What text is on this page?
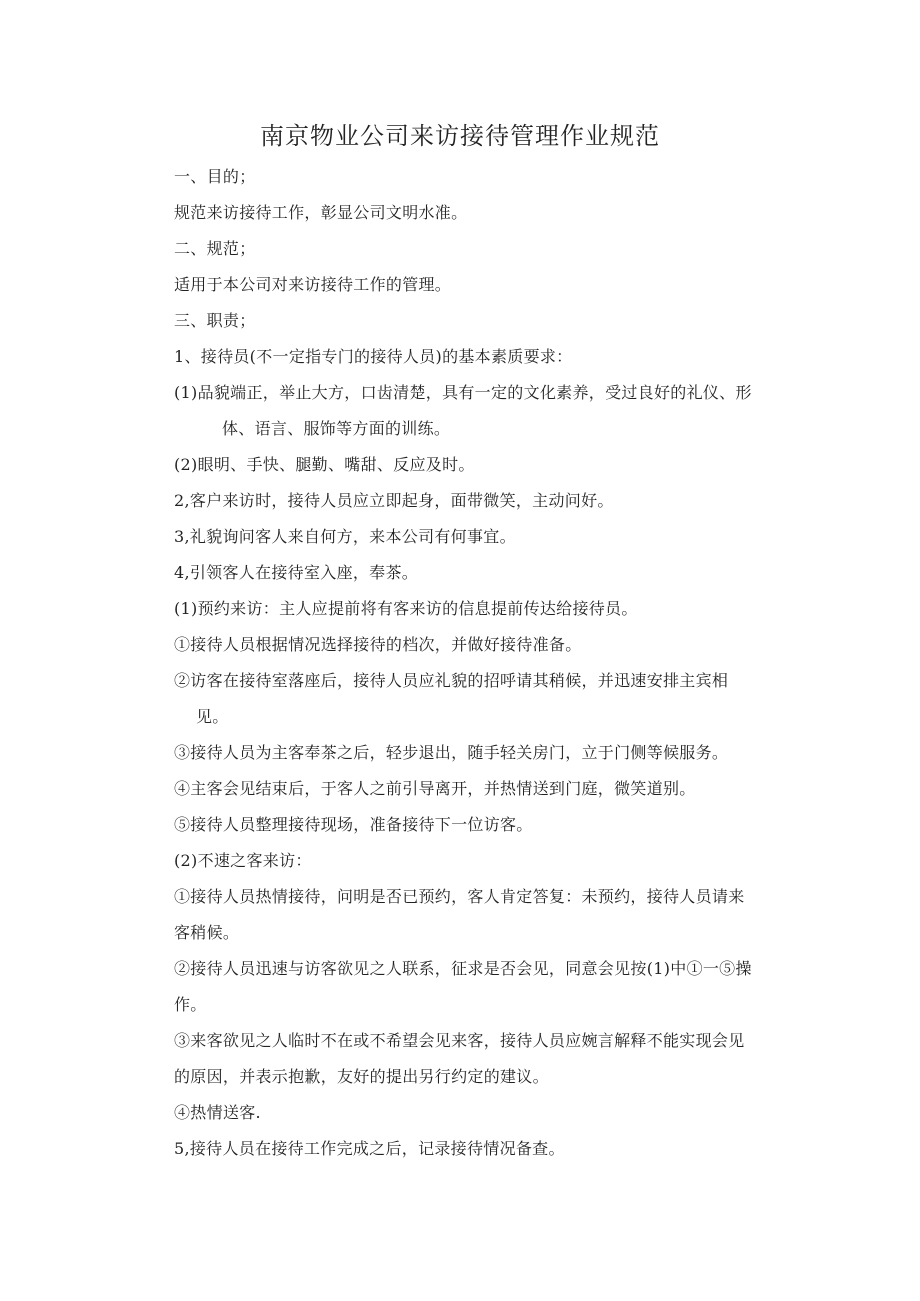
南京物业公司来访接待管理作业规范
一、目的；
规范来访接待工作，彰显公司文明水准。
二、规范；
适用于本公司对来访接待工作的管理。
三、职责；
1、接待员(不一定指专门的接待人员)的基本素质要求：
(1)品貌端正，举止大方，口齿清楚，具有一定的文化素养，受过良好的礼仪、形
体、语言、服饰等方面的训练。
(2)眼明、手快、腿勤、嘴甜、反应及时。
2,客户来访时，接待人员应立即起身，面带微笑，主动问好。
3,礼貌询问客人来自何方，来本公司有何事宜。
4,引领客人在接待室入座，奉茶。
(1)预约来访：主人应提前将有客来访的信息提前传达给接待员。
①接待人员根据情况选择接待的档次，并做好接待准备。
②访客在接待室落座后，接待人员应礼貌的招呼请其稍候，并迅速安排主宾相
见。
③接待人员为主客奉茶之后，轻步退出，随手轻关房门，立于门侧等候服务。
④主客会见结束后，于客人之前引导离开，并热情送到门庭，微笑道别。
⑤接待人员整理接待现场，准备接待下一位访客。
(2)不速之客来访：
①接待人员热情接待，问明是否已预约，客人肯定答复：未预约，接待人员请来
客稍候。
②接待人员迅速与访客欲见之人联系，征求是否会见，同意会见按(1)中①一⑤操
作。
③来客欲见之人临时不在或不希望会见来客，接待人员应婉言解释不能实现会见
的原因，并表示抱歉，友好的提出另行约定的建议。
④热情送客.
5,接待人员在接待工作完成之后，记录接待情况备查。
